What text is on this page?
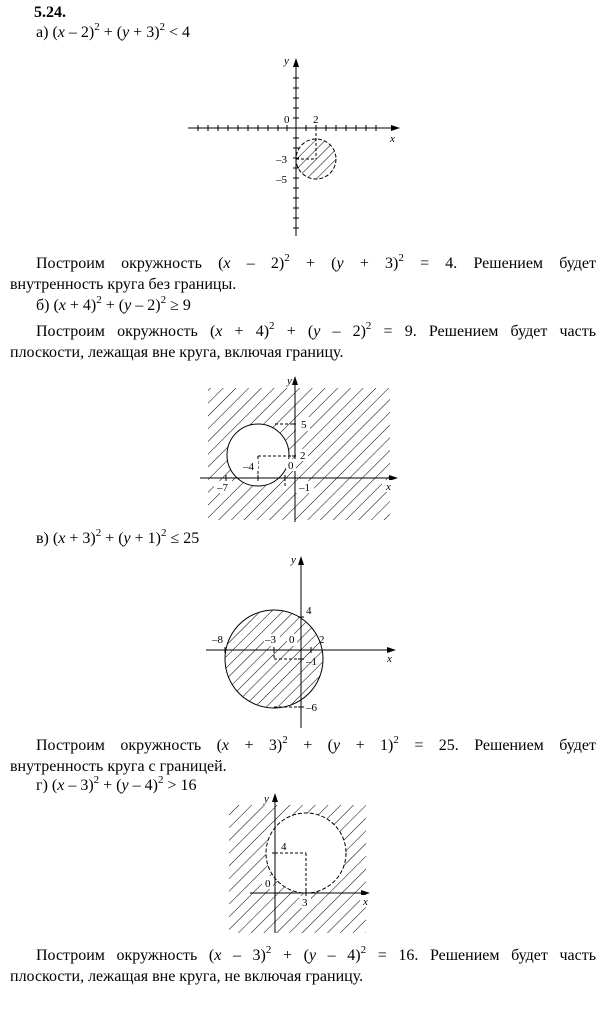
5.24.
а) $(x - 2)^2 + (y + 3)^2 < 4$
y
x
0 2
–3
–5
y
x
5
2
0
–4
–7	–1
y
x
4
–8	–3 0 2
–1
–6
y
x
4
0
3
Построим окружность $(x - 2)^2 + (y + 3)^2 = 4$. Решением будет
внутренность круга без границы.
б) $(x + 4)^2 + (y - 2)^2 \ge 9$
Построим окружность $(x + 4)^2 + (y - 2)^2 = 9$. Решением будет часть
плоскости, лежащая вне круга, включая границу.
в) $(x + 3)^2 + (y + 1)^2 \le 25$
Построим окружность $(x + 3)^2 + (y + 1)^2 = 25$. Решением будет
внутренность круга с границей.
г) (x – 3)$^2$ + (y – 4)$^2$ > 16
Построим окружность (x – 3)$^2$ + (y – 4)$^2$ = 16. Решением будет часть
плоскости, лежащая вне круга, не включая границу.
